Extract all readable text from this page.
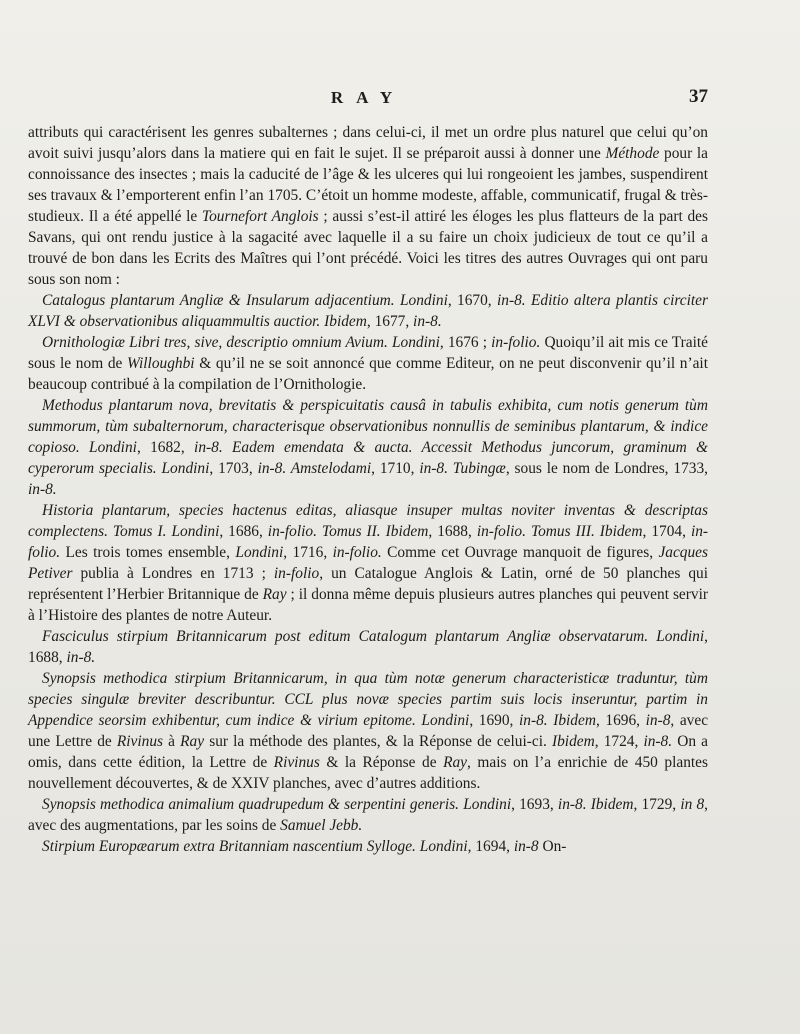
RAY	37

attributs qui caractérisent les genres subalternes ; dans celui-ci, il met un ordre plus naturel que celui qu’on avoit suivi jusqu’alors dans la matiere qui en fait le sujet. Il se préparoit aussi à donner une Méthode pour la connoissance des insectes ; mais la caducité de l’âge & les ulceres qui lui rongeoient les jambes, suspendirent ses travaux & l’emporterent enfin l’an 1705. C’étoit un homme modeste, affable, communicatif, frugal & très-studieux. Il a été appellé le Tournefort Anglois ; aussi s’est-il attiré les éloges les plus flatteurs de la part des Savans, qui ont rendu justice à la sagacité avec laquelle il a su faire un choix judicieux de tout ce qu’il a trouvé de bon dans les Ecrits des Maîtres qui l’ont précédé. Voici les titres des autres Ouvrages qui ont paru sous son nom :

Catalogus plantarum Angliæ & Insularum adjacentium. Londini, 1670, in-8. Editio altera plantis circiter XLVI & observationibus aliquammultis auctior. Ibidem, 1677, in-8.

Ornithologiæ Libri tres, sive, descriptio omnium Avium. Londini, 1676 ; in-folio. Quoiqu’il ait mis ce Traité sous le nom de Willoughbi & qu’il ne se soit annoncé que comme Editeur, on ne peut disconvenir qu’il n’ait beaucoup contribué à la compilation de l’Ornithologie.

Methodus plantarum nova, brevitatis & perspicuitatis causâ in tabulis exhibita, cum notis generum tùm summorum, tùm subalternorum, characterisque observationibus nonnullis de seminibus plantarum, & indice copioso. Londini, 1682, in-8. Eadem emendata & aucta. Accessit Methodus juncorum, graminum & cyperorum specialis. Londini, 1703, in-8. Amstelodami, 1710, in-8. Tubingæ, sous le nom de Londres, 1733, in-8.

Historia plantarum, species hactenus editas, aliasque insuper multas noviter inventas & descriptas complectens. Tomus I. Londini, 1686, in-folio. Tomus II. Ibidem, 1688, in-folio. Tomus III. Ibidem, 1704, in-folio. Les trois tomes ensemble, Londini, 1716, in-folio. Comme cet Ouvrage manquoit de figures, Jacques Petiver publia à Londres en 1713 ; in-folio, un Catalogue Anglois & Latin, orné de 50 planches qui représentent l’Herbier Britannique de Ray ; il donna même depuis plusieurs autres planches qui peuvent servir à l’Histoire des plantes de notre Auteur.

Fasciculus stirpium Britannicarum post editum Catalogum plantarum Angliæ observatarum. Londini, 1688, in-8.

Synopsis methodica stirpium Britannicarum, in qua tùm notæ generum characteristicæ traduntur, tùm species singulæ breviter describuntur. CCL plus novæ species partim suis locis inseruntur, partim in Appendice seorsim exhibentur, cum indice & virium epitome. Londini, 1690, in-8. Ibidem, 1696, in-8, avec une Lettre de Rivinus à Ray sur la méthode des plantes, & la Réponse de celui-ci. Ibidem, 1724, in-8. On a omis, dans cette édition, la Lettre de Rivinus & la Réponse de Ray, mais on l’a enrichie de 450 plantes nouvellement découvertes, & de XXIV planches, avec d’autres additions.

Synopsis methodica animalium quadrupedum & serpentini generis. Londini, 1693, in-8. Ibidem, 1729, in 8, avec des augmentations, par les soins de Samuel Jebb.

Stirpium Europæarum extra Britanniam nascentium Sylloge. Londini, 1694, in-8 On-
